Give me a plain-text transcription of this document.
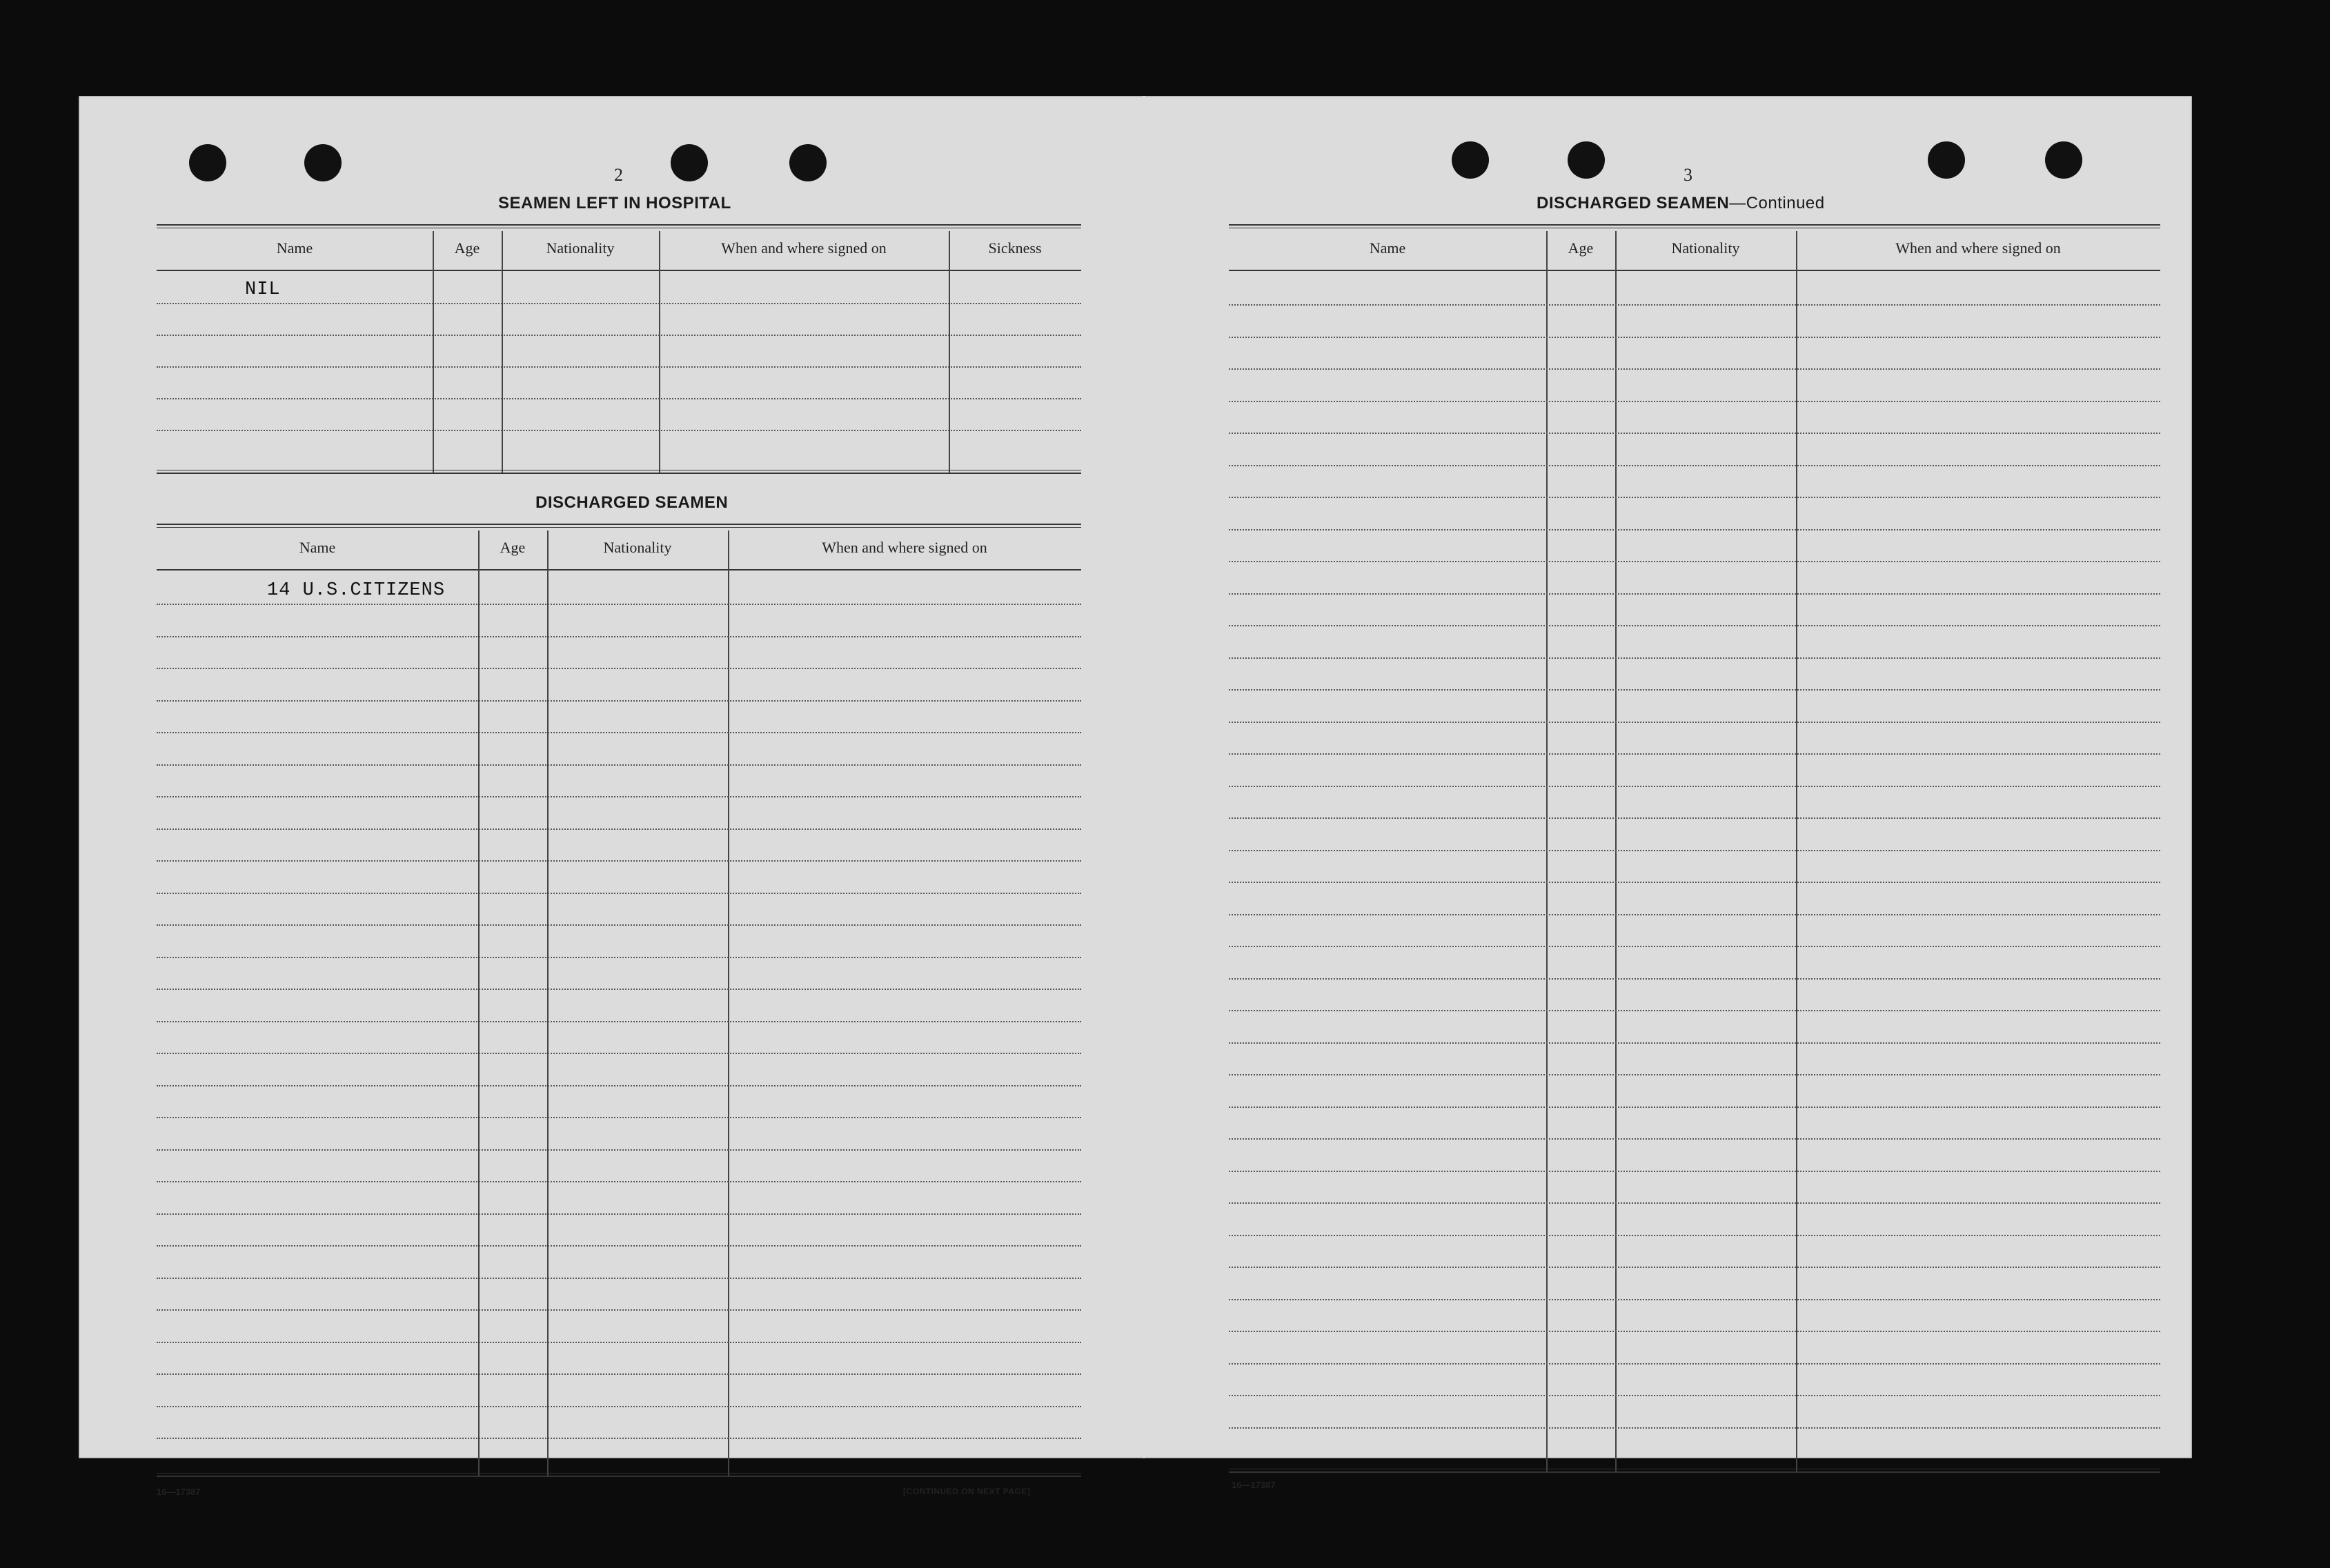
2
SEAMEN LEFT IN HOSPITAL
Name	Age	Nationality	When and where signed on	Sickness
NIL
DISCHARGED SEAMEN
Name	Age	Nationality	When and where signed on
14 U.S.CITIZENS
16—17387	[CONTINUED ON NEXT PAGE]
3
DISCHARGED SEAMEN—Continued
Name	Age	Nationality	When and where signed on
16—17387
